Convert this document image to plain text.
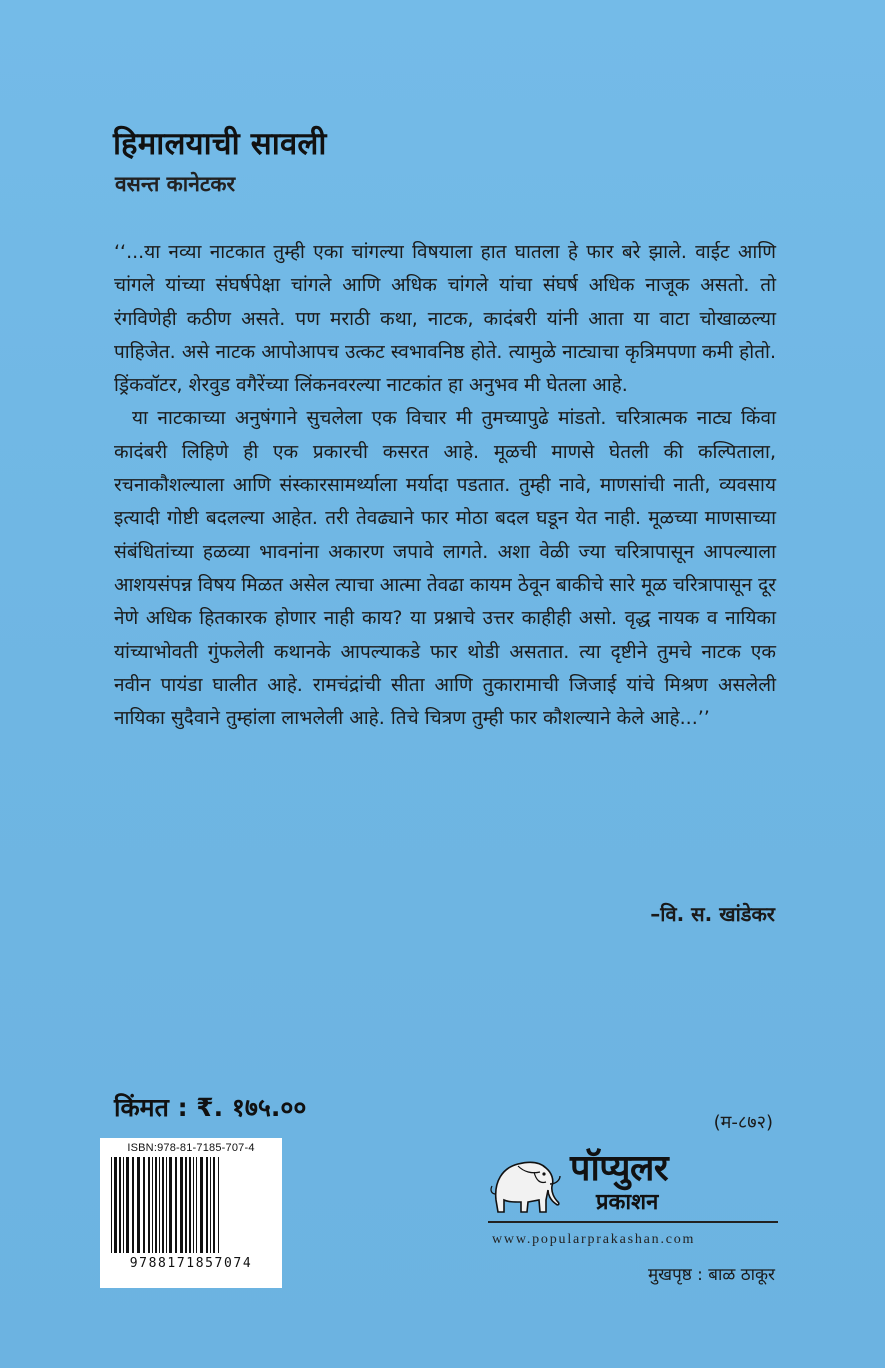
हिमालयाची सावली
वसन्त कानेटकर

‘‘...या नव्या नाटकात तुम्ही एका चांगल्या विषयाला हात घातला हे फार बरे झाले. वाईट आणि चांगले यांच्या संघर्षपेक्षा चांगले आणि अधिक चांगले यांचा संघर्ष अधिक नाजूक असतो. तो रंगविणेही कठीण असते. पण मराठी कथा, नाटक, कादंबरी यांनी आता या वाटा चोखाळल्या पाहिजेत. असे नाटक आपोआपच उत्कट स्वभावनिष्ठ होते. त्यामुळे नाट्याचा कृत्रिमपणा कमी होतो. ड्रिंकवॉटर, शेरवुड वगैरेंच्या लिंकनवरल्या नाटकांत हा अनुभव मी घेतला आहे.

या नाटकाच्या अनुषंगाने सुचलेला एक विचार मी तुमच्यापुढे मांडतो. चरित्रात्मक नाट्य किंवा कादंबरी लिहिणे ही एक प्रकारची कसरत आहे. मूळची माणसे घेतली की कल्पिताला, रचनाकौशल्याला आणि संस्कारसामर्थ्याला मर्यादा पडतात. तुम्ही नावे, माणसांची नाती, व्यवसाय इत्यादी गोष्टी बदलल्या आहेत. तरी तेवढ्याने फार मोठा बदल घडून येत नाही. मूळच्या माणसाच्या संबंधितांच्या हळव्या भावनांना अकारण जपावे लागते. अशा वेळी ज्या चरित्रापासून आपल्याला आशयसंपन्न विषय मिळत असेल त्याचा आत्मा तेवढा कायम ठेवून बाकीचे सारे मूळ चरित्रापासून दूर नेणे अधिक हितकारक होणार नाही काय? या प्रश्नाचे उत्तर काहीही असो. वृद्ध नायक व नायिका यांच्याभोवती गुंफलेली कथानके आपल्याकडे फार थोडी असतात. त्या दृष्टीने तुमचे नाटक एक नवीन पायंडा घालीत आहे. रामचंद्रांची सीता आणि तुकारामाची जिजाई यांचे मिश्रण असलेली नायिका सुदैवाने तुम्हांला लाभलेली आहे. तिचे चित्रण तुम्ही फार कौशल्याने केले आहे...’’

–वि. स. खांडेकर
किंमत : ₹. १७५.००
(म-८७२)
ISBN:978-81-7185-707-4
9788171857074
पॉप्युलर
प्रकाशन
www.popularprakashan.com
मुखपृष्ठ : बाळ ठाकूर
